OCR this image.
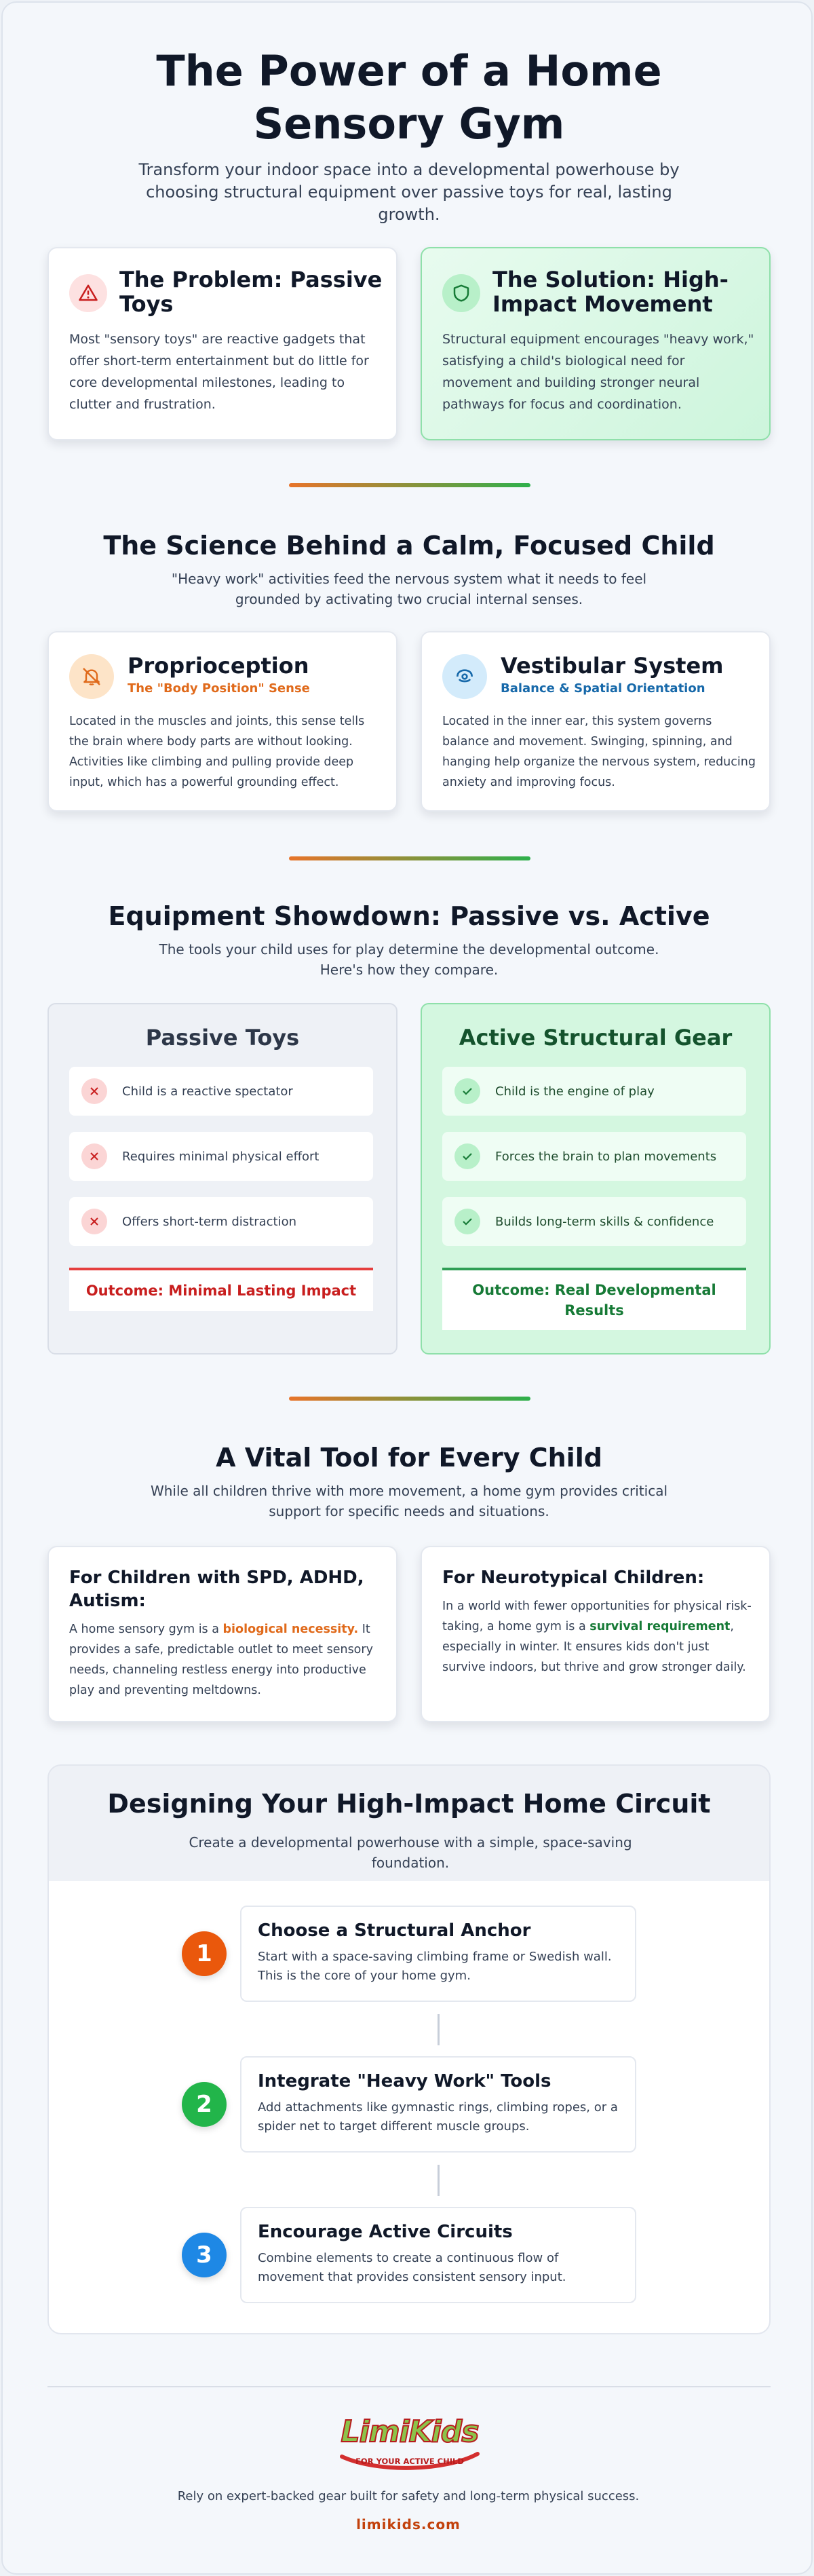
The Power of a Home Sensory Gym

Transform your indoor space into a developmental powerhouse by choosing structural equipment over passive toys for real, lasting growth.

The Problem: Passive Toys
Most "sensory toys" are reactive gadgets that offer short-term entertainment but do little for core developmental milestones, leading to clutter and frustration.
The Solution: High-Impact Movement
Structural equipment encourages "heavy work," satisfying a child's biological need for movement and building stronger neural pathways for focus and coordination.
The Science Behind a Calm, Focused Child

"Heavy work" activities feed the nervous system what it needs to feel grounded by activating two crucial internal senses.

Proprioception
The "Body Position" Sense
Located in the muscles and joints, this sense tells the brain where body parts are without looking. Activities like climbing and pulling provide deep input, which has a powerful grounding effect.
Vestibular System
Balance & Spatial Orientation
Located in the inner ear, this system governs balance and movement. Swinging, spinning, and hanging help organize the nervous system, reducing anxiety and improving focus.
Equipment Showdown: Passive vs. Active

The tools your child uses for play determine the developmental outcome. Here's how they compare.

Passive Toys
Child is a reactive spectator
Requires minimal physical effort
Offers short-term distraction
Outcome: Minimal Lasting Impact
Active Structural Gear
Child is the engine of play
Forces the brain to plan movements
Builds long-term skills & confidence
Outcome: Real Developmental Results
A Vital Tool for Every Child

While all children thrive with more movement, a home gym provides critical support for specific needs and situations.

For Children with SPD, ADHD, Autism:
A home sensory gym is a biological necessity. It provides a safe, predictable outlet to meet sensory needs, channeling restless energy into productive play and preventing meltdowns.
For Neurotypical Children:
In a world with fewer opportunities for physical risk-taking, a home gym is a survival requirement, especially in winter. It ensures kids don't just survive indoors, but thrive and grow stronger daily.
Designing Your High-Impact Home Circuit
Create a developmental powerhouse with a simple, space-saving foundation.
1
Choose a Structural Anchor
Start with a space-saving climbing frame or Swedish wall. This is the core of your home gym.
2
Integrate "Heavy Work" Tools
Add attachments like gymnastic rings, climbing ropes, or a spider net to target different muscle groups.
3
Encourage Active Circuits
Combine elements to create a continuous flow of movement that provides consistent sensory input.
LimiKids
FOR YOUR ACTIVE CHILD
Rely on expert-backed gear built for safety and long-term physical success.
limikids.com
